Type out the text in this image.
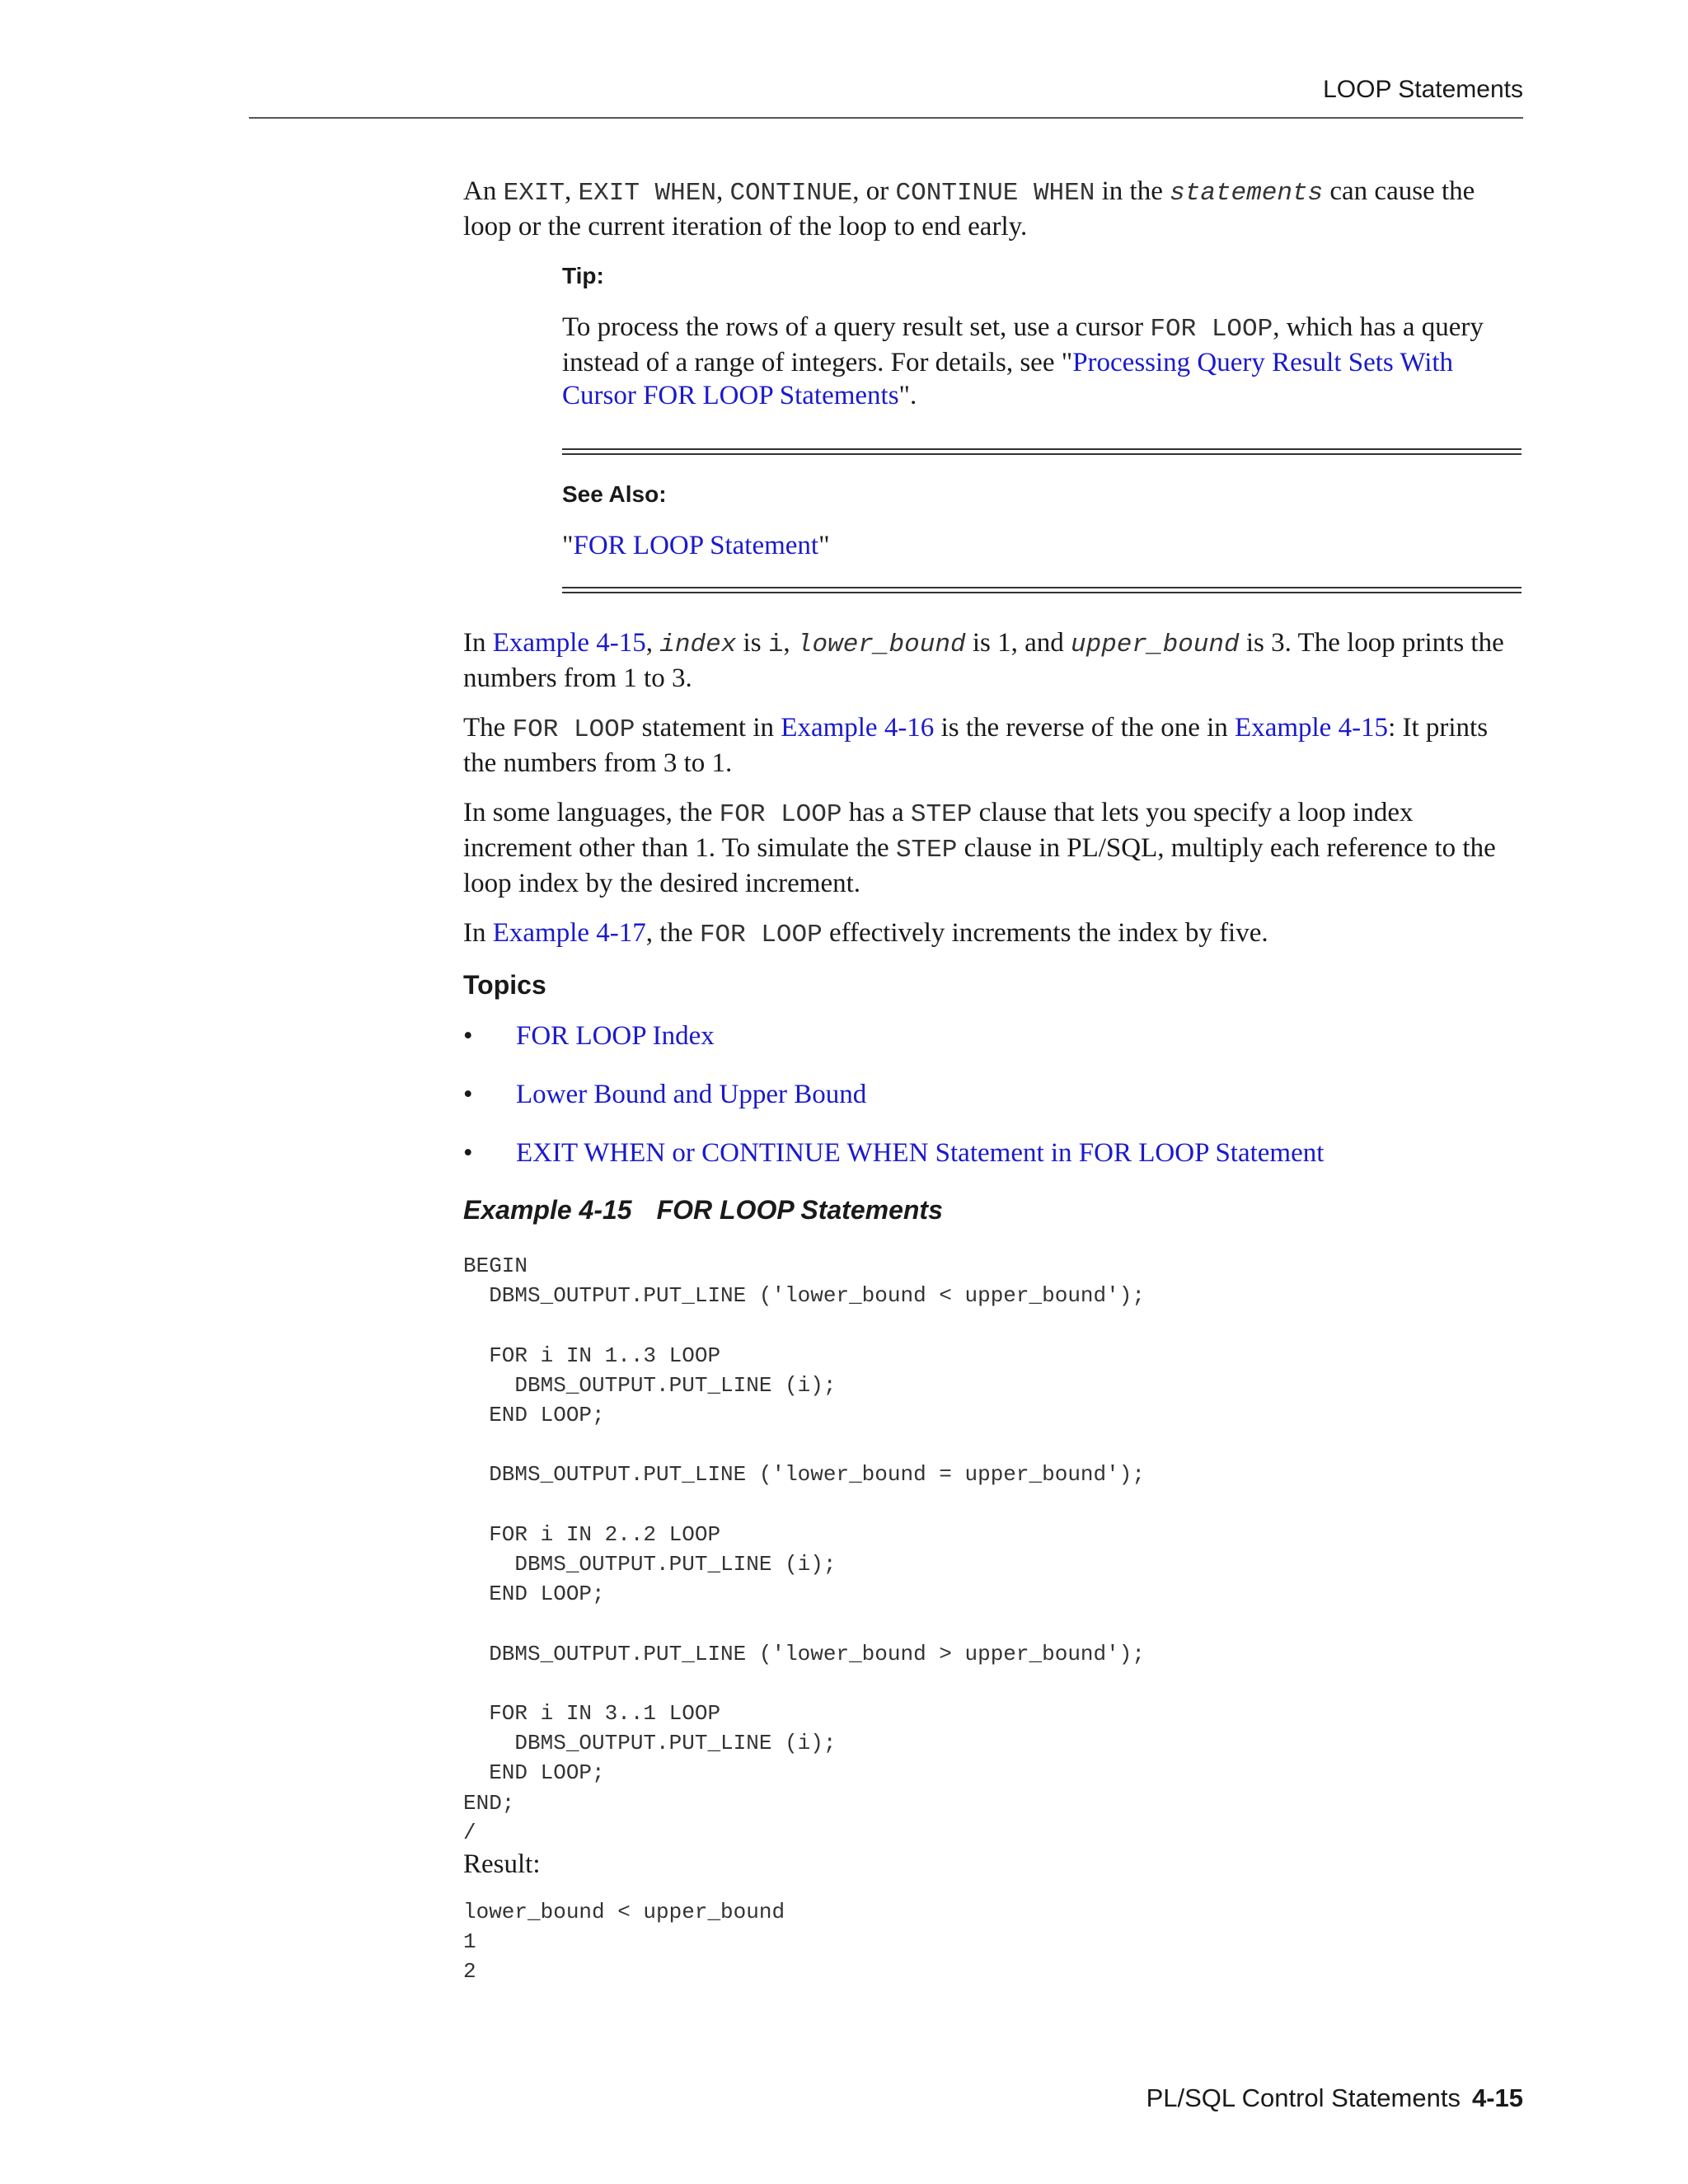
LOOP Statements

An EXIT, EXIT WHEN, CONTINUE, or CONTINUE WHEN in the statements can cause the loop or the current iteration of the loop to end early.

Tip:

To process the rows of a query result set, use a cursor FOR LOOP, which has a query instead of a range of integers. For details, see "Processing Query Result Sets With Cursor FOR LOOP Statements".

See Also:

"FOR LOOP Statement"

In Example 4-15, index is i, lower_bound is 1, and upper_bound is 3. The loop prints the numbers from 1 to 3.

The FOR LOOP statement in Example 4-16 is the reverse of the one in Example 4-15: It prints the numbers from 3 to 1.

In some languages, the FOR LOOP has a STEP clause that lets you specify a loop index increment other than 1. To simulate the STEP clause in PL/SQL, multiply each reference to the loop index by the desired increment.

In Example 4-17, the FOR LOOP effectively increments the index by five.

Topics
• FOR LOOP Index
• Lower Bound and Upper Bound
• EXIT WHEN or CONTINUE WHEN Statement in FOR LOOP Statement
Example 4-15 FOR LOOP Statements
BEGIN
DBMS_OUTPUT.PUT_LINE ('lower_bound < upper_bound');

FOR i IN 1..3 LOOP
DBMS_OUTPUT.PUT_LINE (i);
END LOOP;

DBMS_OUTPUT.PUT_LINE ('lower_bound = upper_bound');

FOR i IN 2..2 LOOP
DBMS_OUTPUT.PUT_LINE (i);
END LOOP;

DBMS_OUTPUT.PUT_LINE ('lower_bound > upper_bound');

FOR i IN 3..1 LOOP
DBMS_OUTPUT.PUT_LINE (i);
END LOOP;
END;
/

Result:

lower_bound < upper_bound
1
2
PL/SQL Control Statements 4-15
